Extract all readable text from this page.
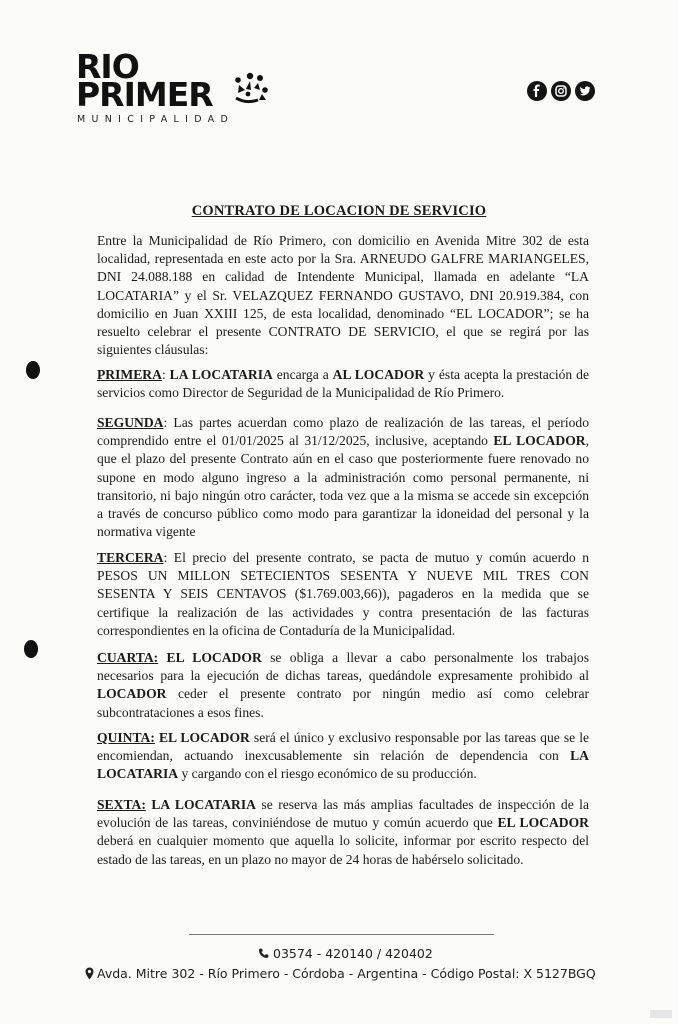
RIO
PRIMER
MUNICIPALIDAD
CONTRATO DE LOCACION DE SERVICIO
Entre la Municipalidad de Río Primero, con domicilio en Avenida Mitre 302 de esta localidad, representada en este acto por la Sra. ARNEUDO GALFRE MARIANGELES, DNI 24.088.188 en calidad de Intendente Municipal, llamada en adelante “LA LOCATARIA” y el Sr. VELAZQUEZ FERNANDO GUSTAVO, DNI 20.919.384, con domicilio en Juan XXIII 125, de esta localidad, denominado “EL LOCADOR”; se ha resuelto celebrar el presente CONTRATO DE SERVICIO, el que se regirá por las siguientes cláusulas:
PRIMERA: LA LOCATARIA encarga a AL LOCADOR y ésta acepta la prestación de servicios como Director de Seguridad de la Municipalidad de Río Primero.
SEGUNDA: Las partes acuerdan como plazo de realización de las tareas, el período comprendido entre el 01/01/2025 al 31/12/2025, inclusive, aceptando EL LOCADOR, que el plazo del presente Contrato aún en el caso que posteriormente fuere renovado no supone en modo alguno ingreso a la administración como personal permanente, ni transitorio, ni bajo ningún otro carácter, toda vez que a la misma se accede sin excepción a través de concurso público como modo para garantizar la idoneidad del personal y la normativa vigente
TERCERA: El precio del presente contrato, se pacta de mutuo y común acuerdo n PESOS UN MILLON SETECIENTOS SESENTA Y NUEVE MIL TRES CON SESENTA Y SEIS CENTAVOS ($1.769.003,66)), pagaderos en la medida que se certifique la realización de las actividades y contra presentación de las facturas correspondientes en la oficina de Contaduría de la Municipalidad.
CUARTA: EL LOCADOR se obliga a llevar a cabo personalmente los trabajos necesarios para la ejecución de dichas tareas, quedándole expresamente prohibido al LOCADOR ceder el presente contrato por ningún medio así como celebrar subcontrataciones a esos fines.
QUINTA: EL LOCADOR será el único y exclusivo responsable por las tareas que se le encomiendan, actuando inexcusablemente sin relación de dependencia con LA LOCATARIA y cargando con el riesgo económico de su producción.
SEXTA: LA LOCATARIA se reserva las más amplias facultades de inspección de la evolución de las tareas, conviniéndose de mutuo y común acuerdo que EL LOCADOR deberá en cualquier momento que aquella lo solicite, informar por escrito respecto del estado de las tareas, en un plazo no mayor de 24 horas de habérselo solicitado.
03574 - 420140 / 420402
Avda. Mitre 302 - Río Primero - Córdoba - Argentina - Código Postal: X 5127BGQ
